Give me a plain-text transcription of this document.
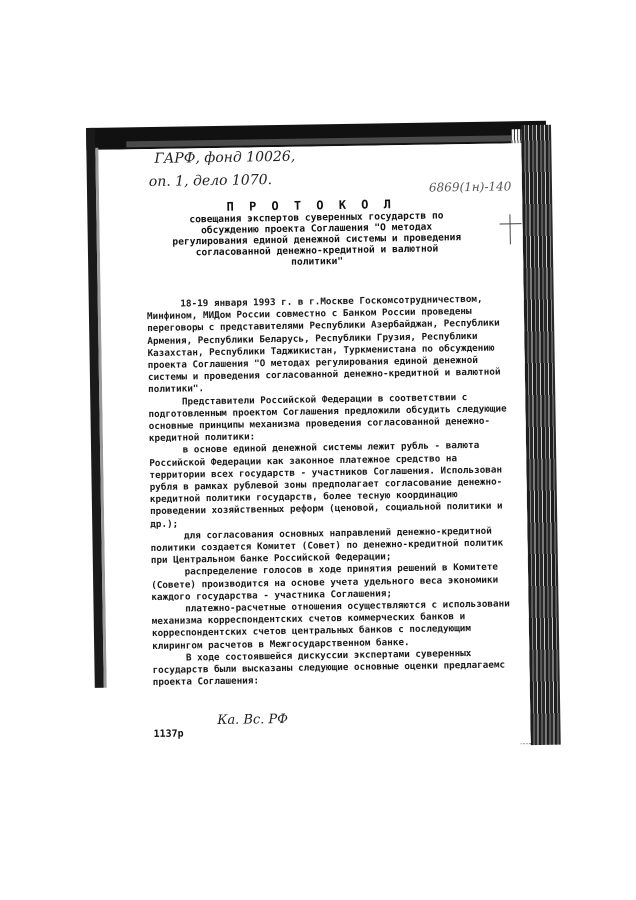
ГАРФ, фонд 10026,
оп. 1, дело 1070.	6869(1н)-140
П Р О Т О К О Л
совещания экспертов суверенных государств по обсуждению проекта Соглашения "О методах регулирования единой денежной системы и проведения согласованной денежно-кредитной и валютной политики"

18-19 января 1993 г. в г.Москве Госкомсотрудничеством, Минфином, МИДом России совместно с Банком России проведены переговоры с представителями Республики Азербайджан, Республики Армения, Республики Беларусь, Республики Грузия, Республики Казахстан, Республики Таджикистан, Туркменистана по обсуждению проекта Соглашения "О методах регулирования единой денежной системы и проведения согласованной денежно-кредитной и валютной политики".

Представители Российской Федерации в соответствии с подготовленным проектом Соглашения предложили обсудить следующие основные принципы механизма проведения согласованной денежно-кредитной политики:

в основе единой денежной системы лежит рубль - валюта Российской Федерации как законное платежное средство на территории всех государств - участников Соглашения. Использован рубля в рамках рублевой зоны предполагает согласование денежно-кредитной политики государств, более тесную координацию проведении хозяйственных реформ (ценовой, социальной политики и др.);

для согласования основных направлений денежно-кредитной политики создается Комитет (Совет) по денежно-кредитной политик при Центральном банке Российской Федерации;

распределение голосов в ходе принятия решений в Комитете (Совете) производится на основе учета удельного веса экономики каждого государства - участника Соглашения;

платежно-расчетные отношения осуществляются с использовани механизма корреспондентских счетов коммерческих банков и корреспондентских счетов центральных банков с последующим клирингом расчетов в Межгосударственном банке.

В ходе состоявшейся дискуссии экспертами суверенных государств были высказаны следующие основные оценки предлагаемс проекта Соглашения:

Ка. Вс. РФ
1137р
